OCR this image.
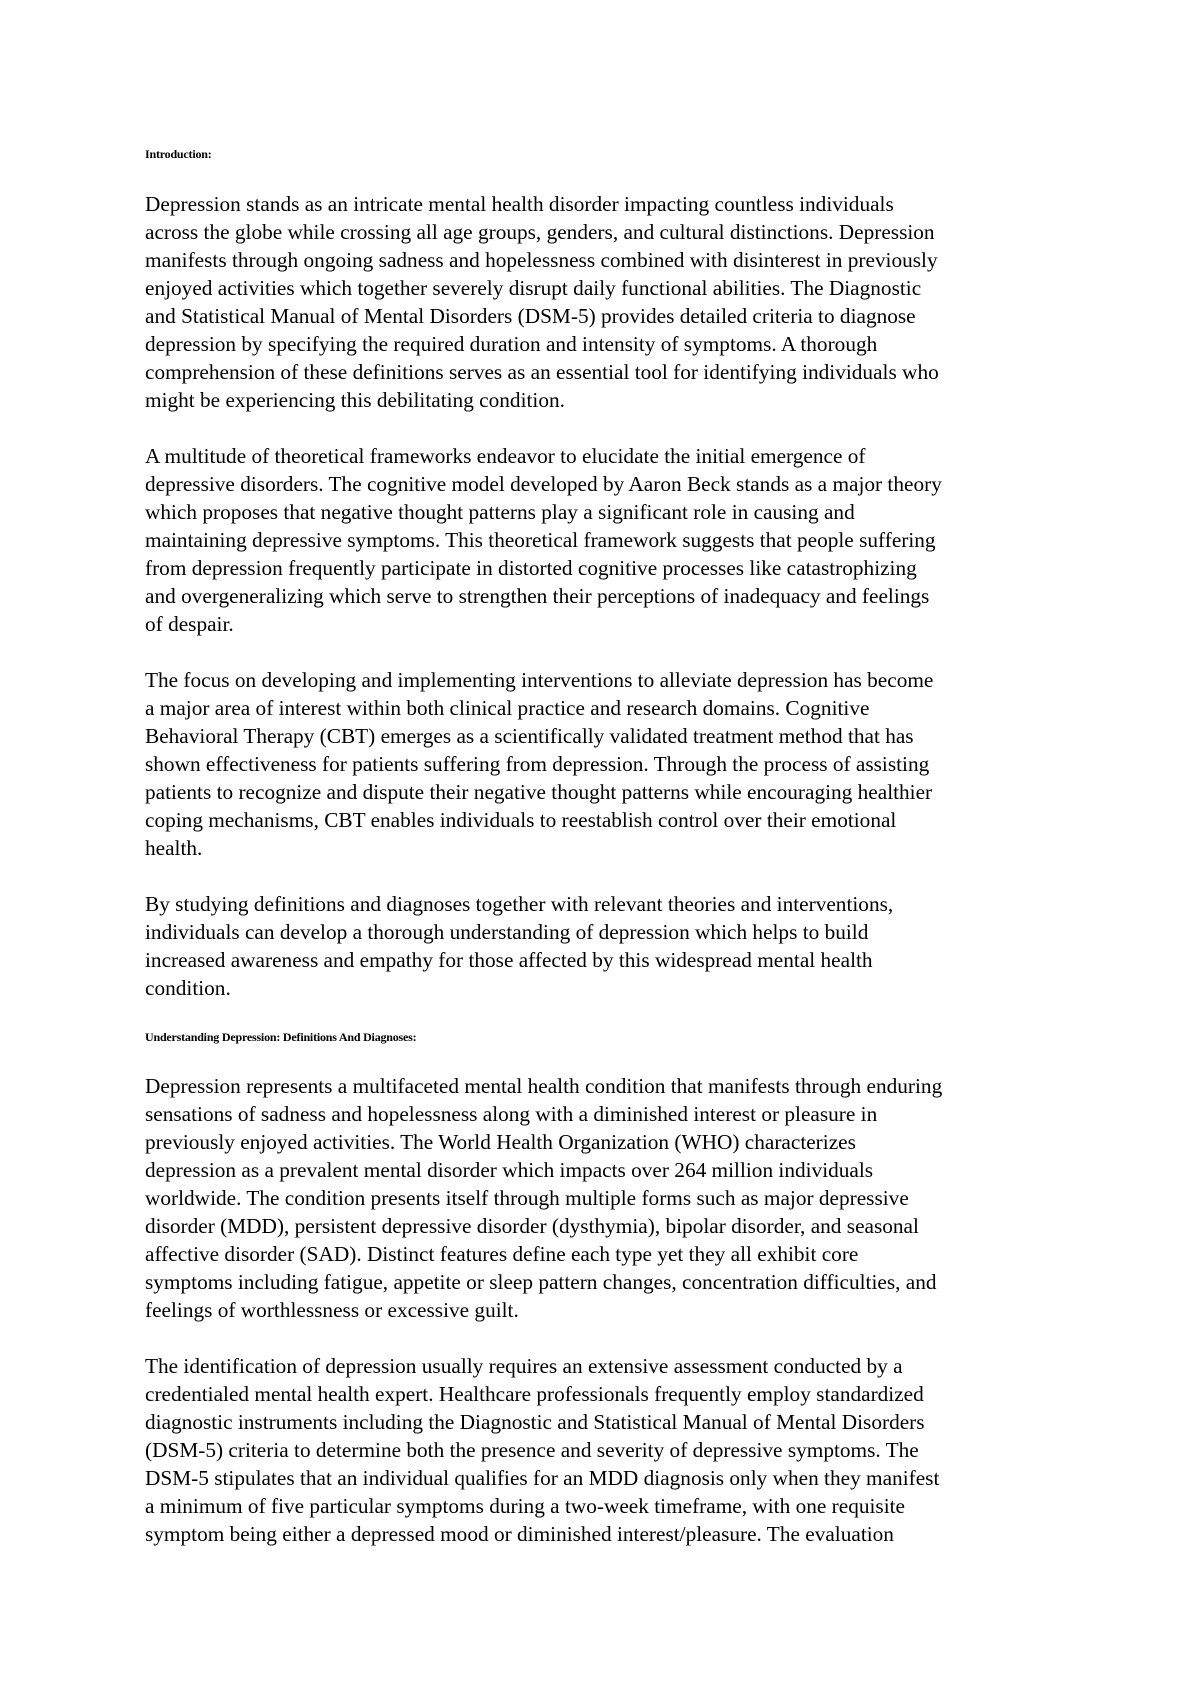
Introduction:

Depression stands as an intricate mental health disorder impacting countless individuals
across the globe while crossing all age groups, genders, and cultural distinctions. Depression
manifests through ongoing sadness and hopelessness combined with disinterest in previously
enjoyed activities which together severely disrupt daily functional abilities. The Diagnostic
and Statistical Manual of Mental Disorders (DSM-5) provides detailed criteria to diagnose
depression by specifying the required duration and intensity of symptoms. A thorough
comprehension of these definitions serves as an essential tool for identifying individuals who
might be experiencing this debilitating condition.

A multitude of theoretical frameworks endeavor to elucidate the initial emergence of
depressive disorders. The cognitive model developed by Aaron Beck stands as a major theory
which proposes that negative thought patterns play a significant role in causing and
maintaining depressive symptoms. This theoretical framework suggests that people suffering
from depression frequently participate in distorted cognitive processes like catastrophizing
and overgeneralizing which serve to strengthen their perceptions of inadequacy and feelings
of despair.

The focus on developing and implementing interventions to alleviate depression has become
a major area of interest within both clinical practice and research domains. Cognitive
Behavioral Therapy (CBT) emerges as a scientifically validated treatment method that has
shown effectiveness for patients suffering from depression. Through the process of assisting
patients to recognize and dispute their negative thought patterns while encouraging healthier
coping mechanisms, CBT enables individuals to reestablish control over their emotional
health.

By studying definitions and diagnoses together with relevant theories and interventions,
individuals can develop a thorough understanding of depression which helps to build
increased awareness and empathy for those affected by this widespread mental health
condition.

Understanding Depression: Definitions And Diagnoses:

Depression represents a multifaceted mental health condition that manifests through enduring
sensations of sadness and hopelessness along with a diminished interest or pleasure in
previously enjoyed activities. The World Health Organization (WHO) characterizes
depression as a prevalent mental disorder which impacts over 264 million individuals
worldwide. The condition presents itself through multiple forms such as major depressive
disorder (MDD), persistent depressive disorder (dysthymia), bipolar disorder, and seasonal
affective disorder (SAD). Distinct features define each type yet they all exhibit core
symptoms including fatigue, appetite or sleep pattern changes, concentration difficulties, and
feelings of worthlessness or excessive guilt.

The identification of depression usually requires an extensive assessment conducted by a
credentialed mental health expert. Healthcare professionals frequently employ standardized
diagnostic instruments including the Diagnostic and Statistical Manual of Mental Disorders
(DSM-5) criteria to determine both the presence and severity of depressive symptoms. The
DSM-5 stipulates that an individual qualifies for an MDD diagnosis only when they manifest
a minimum of five particular symptoms during a two-week timeframe, with one requisite
symptom being either a depressed mood or diminished interest/pleasure. The evaluation
